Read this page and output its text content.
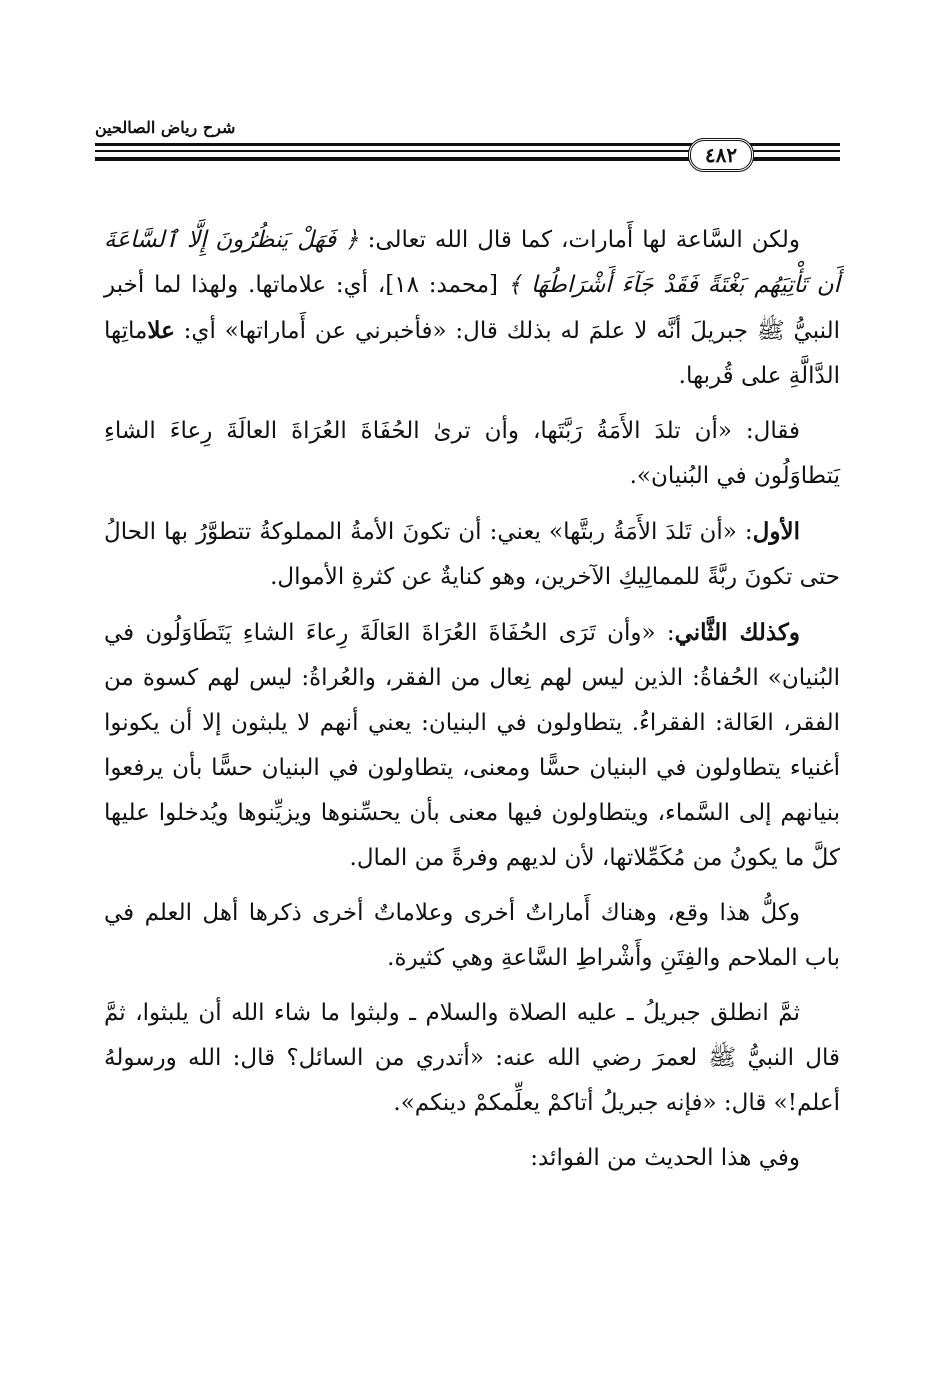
شرح رياض الصالحين
٤٨٢

ولكن السَّاعة لها أَمارات، كما قال الله تعالى: ﴿ فَهَلْ يَنظُرُونَ إِلَّا ٱلسَّاعَةَ أَن تَأْتِيَهُم بَغْتَةً فَقَدْ جَآءَ أَشْرَاطُهَا ﴾ [محمد: ١٨]، أي: علاماتها. ولهذا لما أخبر النبيُّ ﷺ جبريلَ أنَّه لا علمَ له بذلك قال: «فأخبرني عن أَماراتها» أي: علاماتِها الدَّالَّةِ على قُربها.

فقال: «أن تلدَ الأَمَةُ رَبَّتَها، وأن ترىٰ الحُفَاةَ العُرَاةَ العالَةَ رِعاءَ الشاءِ يَتطاوَلُون في البُنيان».

الأول: «أن تَلدَ الأَمَةُ ربتَّها» يعني: أن تكونَ الأمةُ المملوكةُ تتطوَّرُ بها الحالُ حتى تكونَ ربَّةً للممالِيكِ الآخرين، وهو كنايةٌ عن كثرةِ الأموال.

وكذلك الثَّاني: «وأن تَرَى الحُفَاةَ العُرَاةَ العَالَةَ رِعاءَ الشاءِ يَتَطَاوَلُون في البُنيان» الحُفاةُ: الذين ليس لهم نِعال من الفقر، والعُراةُ: ليس لهم كسوة من الفقر، العَالة: الفقراءُ. يتطاولون في البنيان: يعني أنهم لا يلبثون إلا أن يكونوا أغنياء يتطاولون في البنيان حسًّا ومعنى، يتطاولون في البنيان حسًّا بأن يرفعوا بنيانهم إلى السَّماء، ويتطاولون فيها معنى بأن يحسِّنوها ويزيِّنوها ويُدخلوا عليها كلَّ ما يكونُ من مُكَمِّلاتها، لأن لديهم وفرةً من المال.

وكلُّ هذا وقع، وهناك أَماراتٌ أخرى وعلاماتٌ أخرى ذكرها أهل العلم في باب الملاحم والفِتَنِ وأَشْراطِ السَّاعةِ وهي كثيرة.

ثمَّ انطلق جبريلُ ـ عليه الصلاة والسلام ـ ولبثوا ما شاء الله أن يلبثوا، ثمَّ قال النبيُّ ﷺ لعمرَ رضي الله عنه: «أتدري من السائل؟ قال: الله ورسولهُ أعلم!» قال: «فإنه جبريلُ أتاكمْ يعلِّمكمْ دينكم».

وفي هذا الحديث من الفوائد:
